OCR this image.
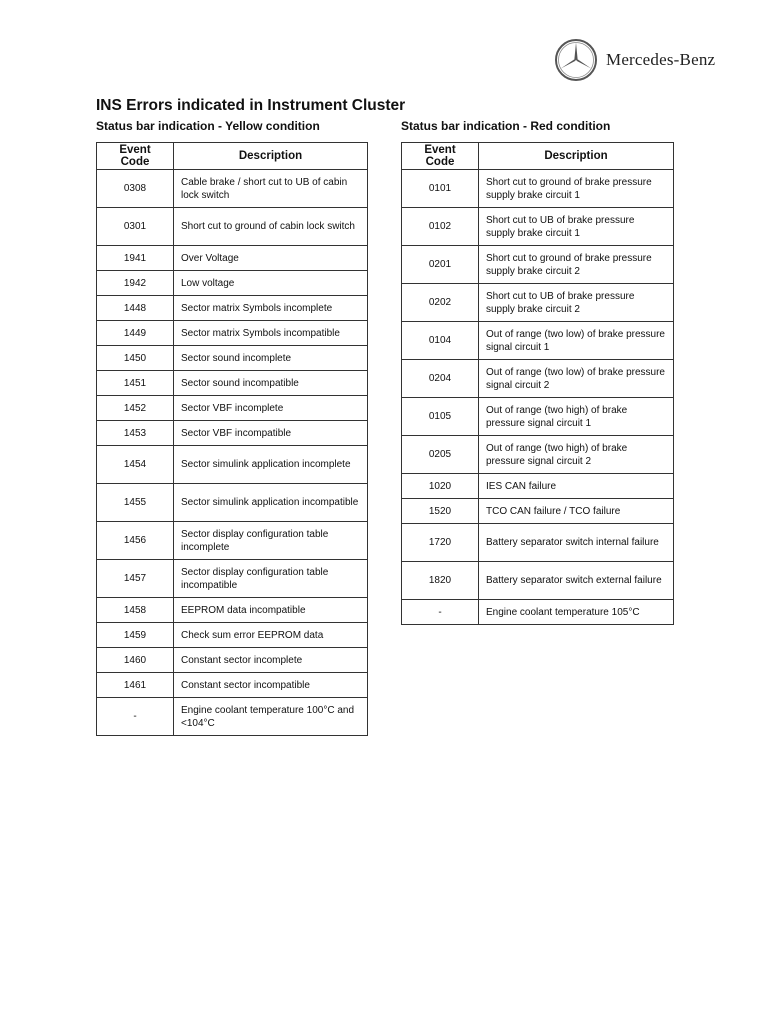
Mercedes-Benz
INS Errors indicated in Instrument Cluster
Status bar indication - Yellow condition	Status bar indication - Red condition
Event Code	Description
0308	Cable brake / short cut to UB of cabin lock switch
0301	Short cut to ground of cabin lock switch
1941	Over Voltage
1942	Low voltage
1448	Sector matrix Symbols incomplete
1449	Sector matrix Symbols incompatible
1450	Sector sound incomplete
1451	Sector sound incompatible
1452	Sector VBF incomplete
1453	Sector VBF incompatible
1454	Sector simulink application incomplete
1455	Sector simulink application incompatible
1456	Sector display configuration table incomplete
1457	Sector display configuration table incompatible
1458	EEPROM data incompatible
1459	Check sum error EEPROM data
1460	Constant sector incomplete
1461	Constant sector incompatible
-	Engine coolant temperature 100°C and <104°C
Event Code	Description
0101	Short cut to ground of brake pressure supply brake circuit 1
0102	Short cut to UB of brake pressure supply brake circuit 1
0201	Short cut to ground of brake pressure supply brake circuit 2
0202	Short cut to UB of brake pressure supply brake circuit 2
0104	Out of range (two low) of brake pressure signal circuit 1
0204	Out of range (two low) of brake pressure signal circuit 2
0105	Out of range (two high) of brake pressure signal circuit 1
0205	Out of range (two high) of brake pressure signal circuit 2
1020	IES CAN failure
1520	TCO CAN failure / TCO failure
1720	Battery separator switch internal failure
1820	Battery separator switch external failure
-	Engine coolant temperature 105°C
